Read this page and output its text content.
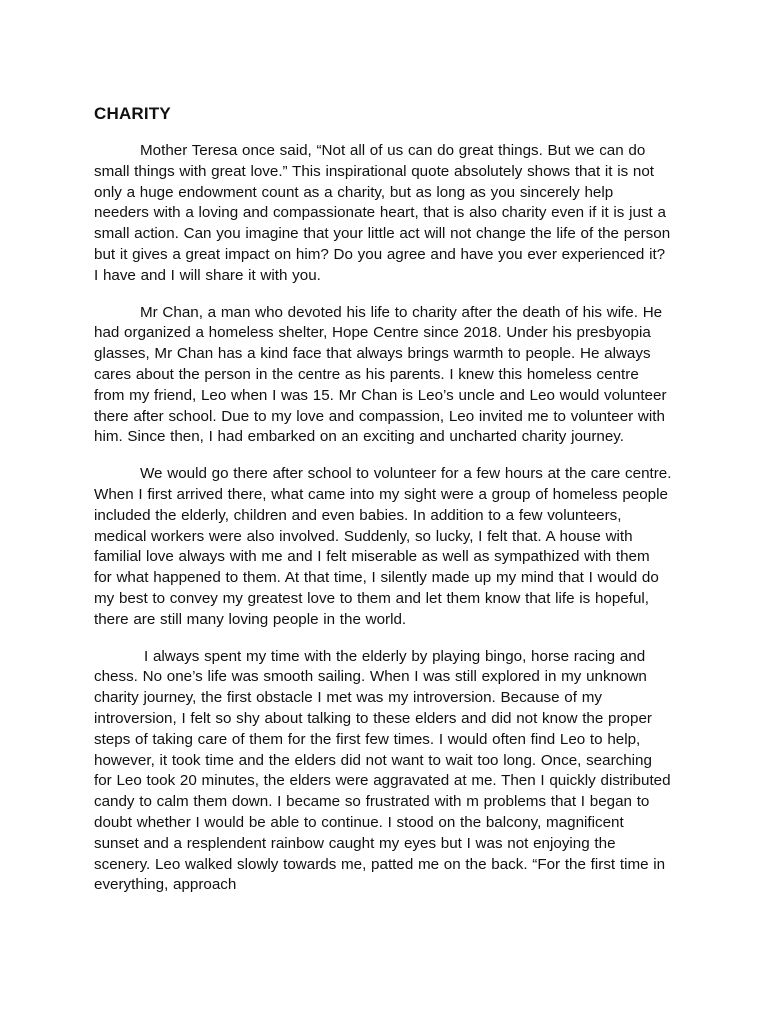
CHARITY

Mother Teresa once said, “Not all of us can do great things. But we can do small things with great love.” This inspirational quote absolutely shows that it is not only a huge endowment count as a charity, but as long as you sincerely help needers with a loving and compassionate heart, that is also charity even if it is just a small action. Can you imagine that your little act will not change the life of the person but it gives a great impact on him? Do you agree and have you ever experienced it? I have and I will share it with you.

Mr Chan, a man who devoted his life to charity after the death of his wife. He had organized a homeless shelter, Hope Centre since 2018. Under his presbyopia glasses, Mr Chan has a kind face that always brings warmth to people. He always cares about the person in the centre as his parents. I knew this homeless centre from my friend, Leo when I was 15. Mr Chan is Leo’s uncle and Leo would volunteer there after school. Due to my love and compassion, Leo invited me to volunteer with him. Since then, I had embarked on an exciting and uncharted charity journey.

We would go there after school to volunteer for a few hours at the care centre. When I first arrived there, what came into my sight were a group of homeless people included the elderly, children and even babies. In addition to a few volunteers, medical workers were also involved. Suddenly, so lucky, I felt that. A house with familial love always with me and I felt miserable as well as sympathized with them for what happened to them. At that time, I silently made up my mind that I would do my best to convey my greatest love to them and let them know that life is hopeful, there are still many loving people in the world.

I always spent my time with the elderly by playing bingo, horse racing and chess. No one’s life was smooth sailing. When I was still explored in my unknown charity journey, the first obstacle I met was my introversion. Because of my introversion, I felt so shy about talking to these elders and did not know the proper steps of taking care of them for the first few times. I would often find Leo to help, however, it took time and the elders did not want to wait too long. Once, searching for Leo took 20 minutes, the elders were aggravated at me. Then I quickly distributed candy to calm them down. I became so frustrated with m problems that I began to doubt whether I would be able to continue. I stood on the balcony, magnificent sunset and a resplendent rainbow caught my eyes but I was not enjoying the scenery. Leo walked slowly towards me, patted me on the back. “For the first time in everything, approach
